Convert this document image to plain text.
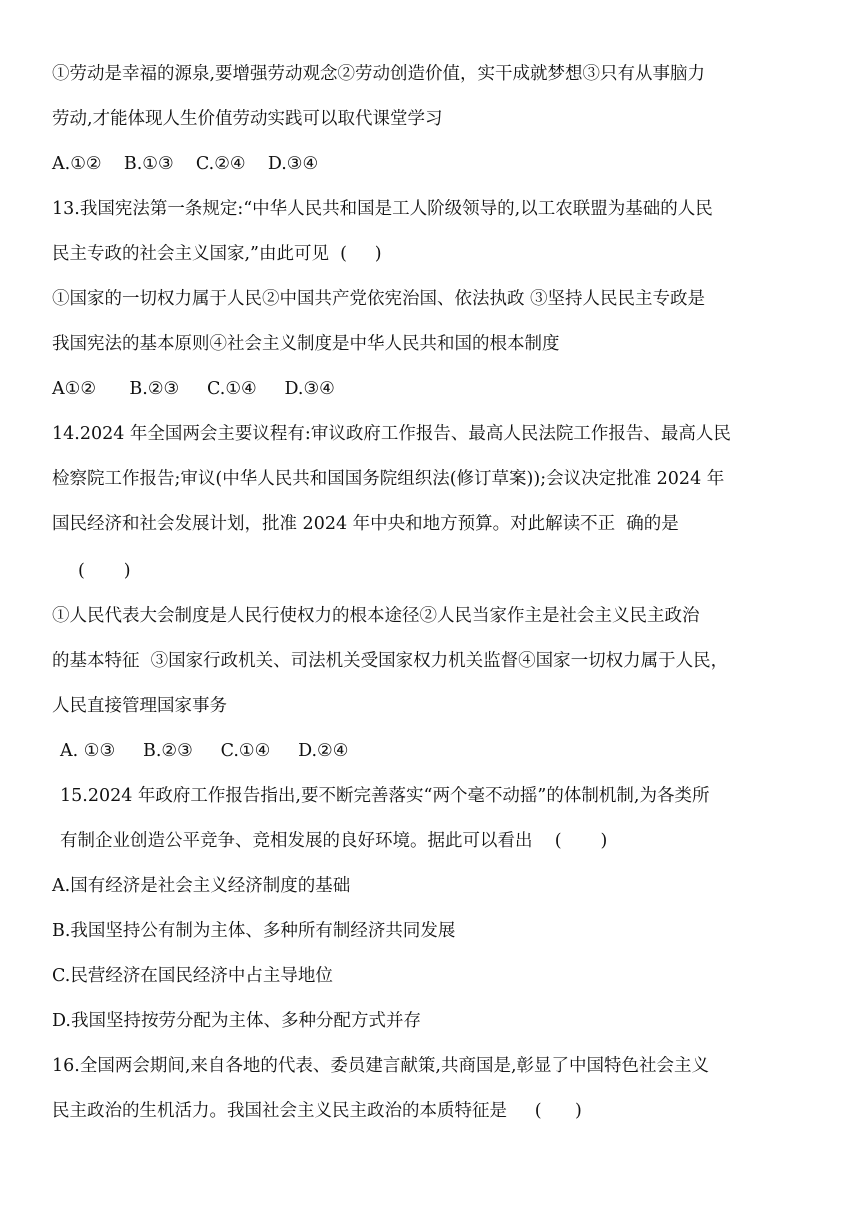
①劳动是幸福的源泉,要增强劳动观念②劳动创造价值，实干成就梦想③只有从事脑力
劳动,才能体现人生价值劳动实践可以取代课堂学习
A.①②    B.①③    C.②④    D.③④
13.我国宪法第一条规定:“中华人民共和国是工人阶级领导的,以工农联盟为基础的人民
民主专政的社会主义国家,”由此可见  (     )
①国家的一切权力属于人民②中国共产党依宪治国、依法执政 ③坚持人民民主专政是
我国宪法的基本原则④社会主义制度是中华人民共和国的根本制度
A①②      B.②③     C.①④     D.③④
14.2024 年全国两会主要议程有:审议政府工作报告、最高人民法院工作报告、最高人民
检察院工作报告;审议(中华人民共和国国务院组织法(修订草案));会议决定批准 2024 年
国民经济和社会发展计划，批准 2024 年中央和地方预算。对此解读不正  确的是
(       )
①人民代表大会制度是人民行使权力的根本途径②人民当家作主是社会主义民主政治
的基本特征  ③国家行政机关、司法机关受国家权力机关监督④国家一切权力属于人民，
人民直接管理国家事务
A. ①③     B.②③     C.①④     D.②④
15.2024 年政府工作报告指出,要不断完善落实“两个毫不动摇”的体制机制,为各类所
有制企业创造公平竞争、竞相发展的良好环境。据此可以看出    (       )
A.国有经济是社会主义经济制度的基础
B.我国坚持公有制为主体、多种所有制经济共同发展
C.民营经济在国民经济中占主导地位
D.我国坚持按劳分配为主体、多种分配方式并存
16.全国两会期间,来自各地的代表、委员建言献策,共商国是,彰显了中国特色社会主义
民主政治的生机活力。我国社会主义民主政治的本质特征是     (      )
